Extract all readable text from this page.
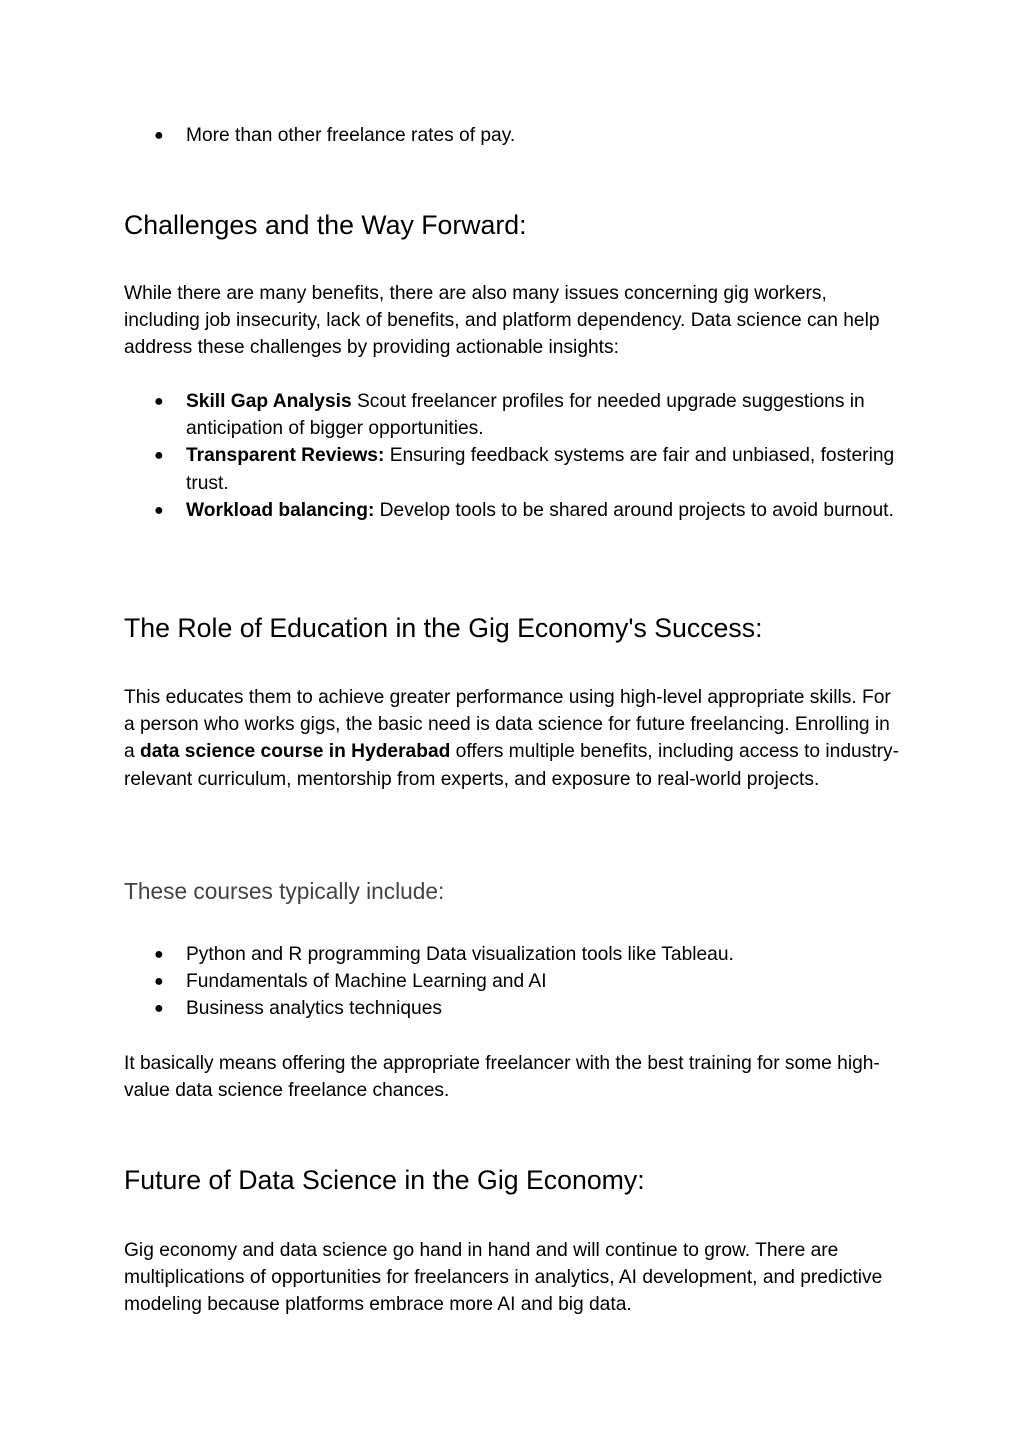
● More than other freelance rates of pay.
Challenges and the Way Forward:

While there are many benefits, there are also many issues concerning gig workers, including job insecurity, lack of benefits, and platform dependency. Data science can help address these challenges by providing actionable insights:

● Skill Gap Analysis Scout freelancer profiles for needed upgrade suggestions in anticipation of bigger opportunities.
● Transparent Reviews: Ensuring feedback systems are fair and unbiased, fostering trust.
● Workload balancing: Develop tools to be shared around projects to avoid burnout.
The Role of Education in the Gig Economy's Success:

This educates them to achieve greater performance using high-level appropriate skills. For a person who works gigs, the basic need is data science for future freelancing. Enrolling in a data science course in Hyderabad offers multiple benefits, including access to industry-relevant curriculum, mentorship from experts, and exposure to real-world projects.

These courses typically include:
● Python and R programming Data visualization tools like Tableau.
● Fundamentals of Machine Learning and AI
● Business analytics techniques

It basically means offering the appropriate freelancer with the best training for some high-value data science freelance chances.

Future of Data Science in the Gig Economy:

Gig economy and data science go hand in hand and will continue to grow. There are multiplications of opportunities for freelancers in analytics, AI development, and predictive modeling because platforms embrace more AI and big data.
